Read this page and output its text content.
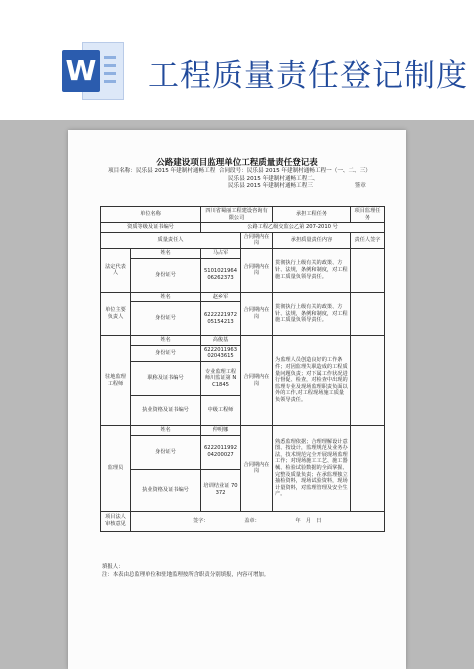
W 工程质量责任登记制度
公路建设项目监理单位工程质量责任登记表
项目名称：民乐县 2015 年建制村通畅工程 合同段号：民乐县 2015 年建制村通畅工程一（一、二、三）
民乐县 2015 年建制村通畅工程二、
民乐县 2015 年建制村通畅工程三	签章
单位名称		四川省蜀丽工程建设咨询有限公司		承担工程任务	项目监理任务
资质等级及证书编号		公路工程乙级交监公乙第 207-2010 号			
质量责任人			合同期内在岗	承担质量责任内容	责任人签字
法定代表人	姓名	马占军	合同期内在岗	贯彻执行上级有关的政策、方针、法规，条例和制度，对工程施工质量负领导责任。	
	身份证号	510102196406262373			
单位主要负责人	姓名	赵乡军	合同期内在岗	贯彻执行上级有关的政策、方针、法规，条例和制度，对工程施工质量负领导责任。	
	身份证号	622222197205154213			
驻地监理工程师	姓名	高俊基	合同期内在岗	为监理人员创造良好的工作条件；对因监理失职造成的工程质量问题负责；对下属工作状况进行督促、检查，对检查中出现的监理专业及现场监理职责负面以外的工作,对工程现场施工质量负领导责任。	
	身份证号	622201196302043615			
	职称及证书编号	专业监理工程师川监证第 NC1845			
	执业资格及证书编号	中级工程师			
监理员	姓名	仲明娜	合同期内在岗	熟悉监理依据；合理理解设计意图、按设计，监理规范及业务办法，技术规范完全开展现场监理工作；对现场施工工艺、施工器械、检验试验数据的全面掌握、完整及质量负责；在承监理独立抽检资料，现场试验资料，现场计量资料，对监理管理及安全生产。	
	身份证号	622201199204200027			
	执业资格及证书编号	培训结业证 70372			
项目法人审核意见	签字： 盖章： 年　月　日				
填报人：
注：本表由总监理单位和驻地监理按所含职责分别填报，内容可增加。
